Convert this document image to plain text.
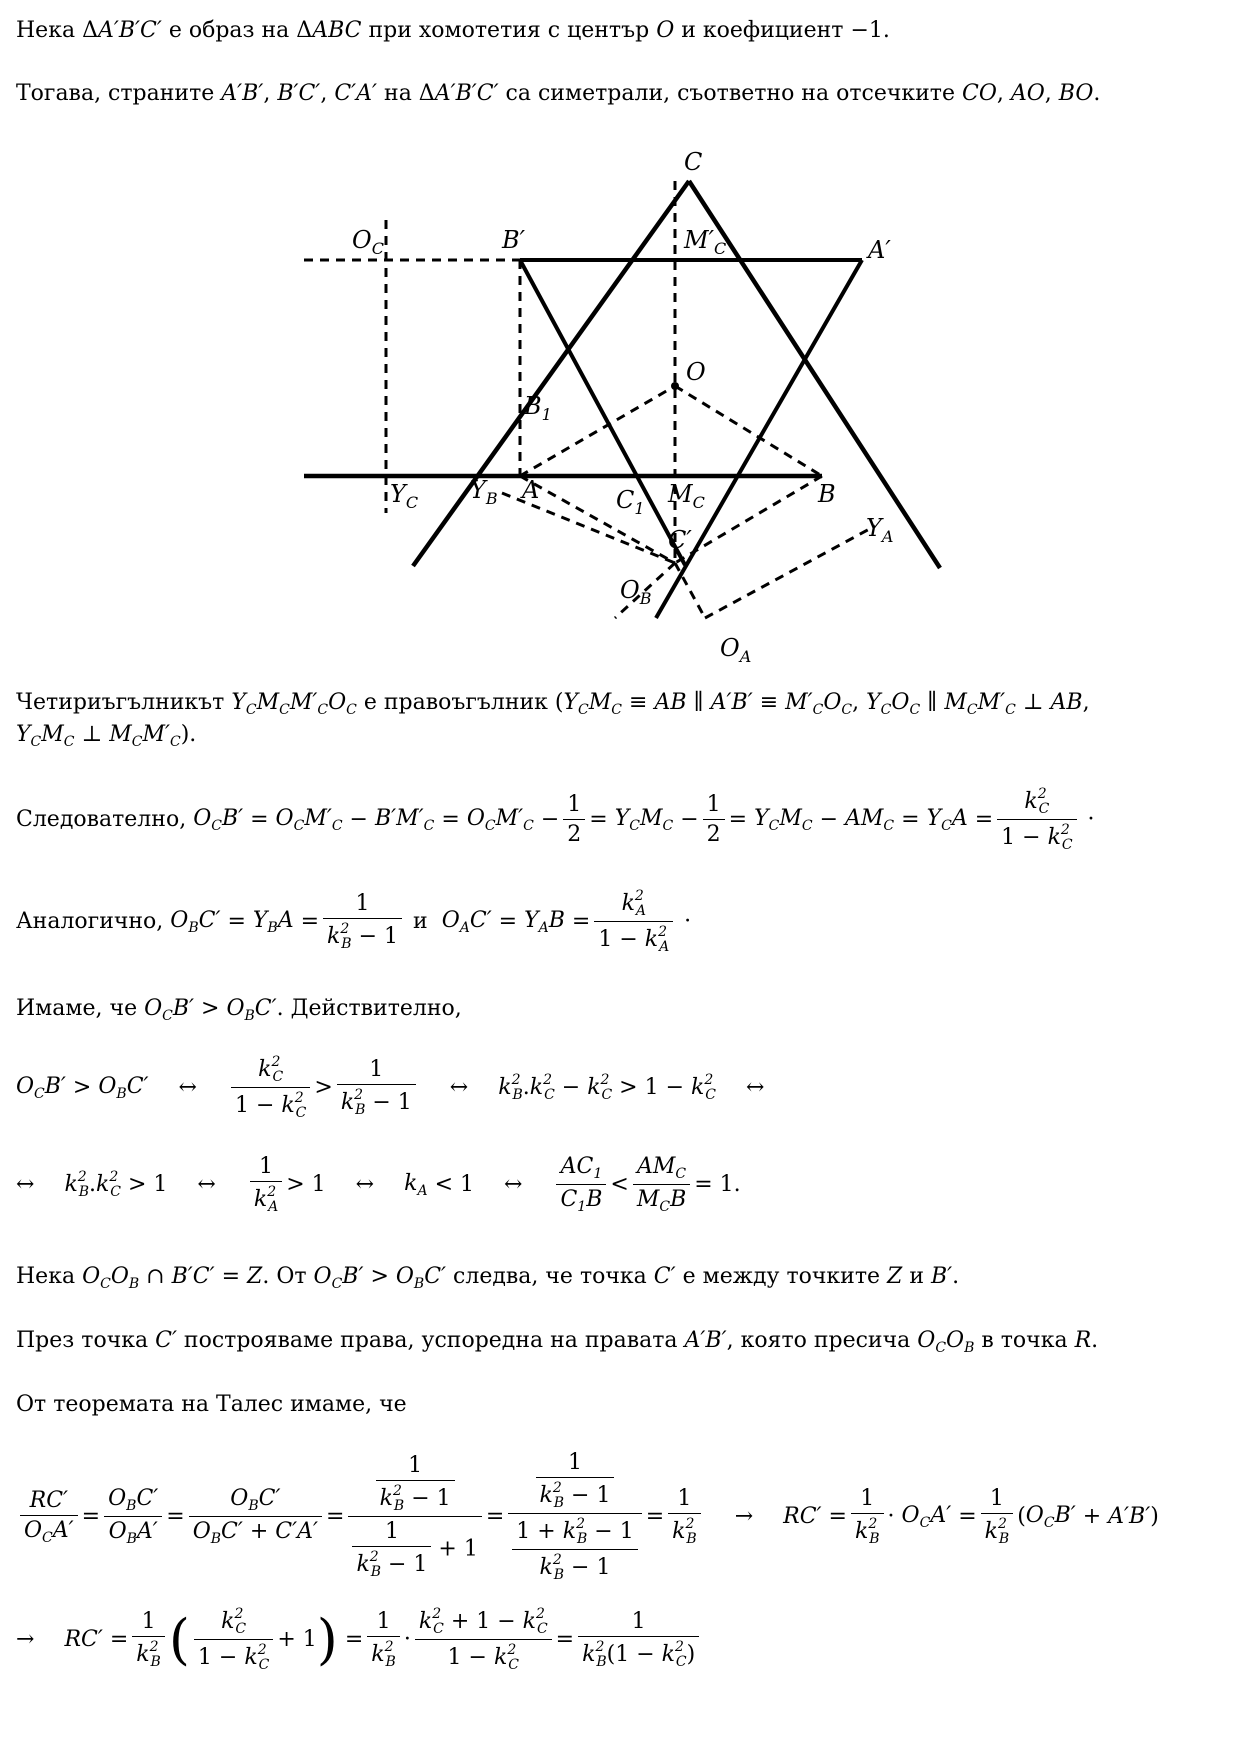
Нека ΔA′B′C′ е образ на ΔABC при хомотетия с център O и коефициент −1.
Тогава, страните A′B′, B′C′, C′A′ на ΔA′B′C′ са симетрали, съответно на отсечките CO, AO, BO.
C
$O_C$	B′	$M'_C$	A′
O
$B_1$
$Y_C$ $Y_B$ A	$C_1$
$M_C$	B
$Y_A$
C′
$O_B$
$O_A$
Четириъгълникът $Y_CM_CM'_CO_C$ е правоъгълник ($Y_CM_C$ ≡ AB ∥ $A'B' \equiv M'_CO_C$, $Y_CO_C$ ∥ $M_CM'_C$ ⊥ AB,
$Y_CM_C$ ⊥ $M_CM'_C$).
Следователно, $O_CB' = O_CM'_C - B'M'_C = O_CM'_C - \frac{1}{2} = Y_CM_C - \frac{1}{2} = Y_CM_C - AM_C = Y_CA = \frac{k^2_C}{1 - k^2_C}$ ·
Аналогично, $O_BC' = Y_BA = \frac{1}{k^2_B - 1}$
и
$O_AC' = Y_AB = \frac{k^2_A}{1 - k^2_A}$ ·
Имаме, че $O_CB' > O_BC'$. Действително,
$O_CB' > O_BC'$ ↔ $\frac{k^2_C}{1 - k^2_C} > \frac{1}{k^2_B - 1}$ ↔ $k^2_B$ . $k^2_C - k^2_C > 1 - k^2_C$ ↔
↔ $k^2_B$ . $k^2_C > 1$ ↔ $\frac{1}{k^2_A} > 1$ ↔ $k_A < 1$ ↔ $\frac{AC_1}{C_1B} < \frac{AM_C}{M_CB} = 1$.
Нека $O_CO_B$ ∩ B′C′ = Z. От $O_CB' > O_BC'$ следва, че точка C′ е между точките Z и B′.
През точка C′ построяваме права, успоредна на правата A′B′, която пресича $O_CO_B$ в точка R.
От теоремата на Талес имаме, че
$\frac{RC'}{O_CA'} = \frac{O_BC'}{O_BA'} = \frac{O_BC'}{O_BC' + C'A'} = \frac{\frac{1}{k^2_B - 1}}{\frac{1}{k^2_B - 1} + 1} = \frac{\frac{1}{k^2_B - 1}}{\frac{1 + k^2_B - 1}{k^2_B - 1}} = \frac{1}{k^2_B} \to RC' = \frac{1}{k^2_B} \cdot O_CA' = \frac{1}{k^2_B}$ ( $O_CB' + A'B'$ )
→ $RC' = \frac{1}{k^2_B}$ ( $\frac{k^2_C}{1 - k^2_C} + 1$ ) = $\frac{1}{k^2_B} \cdot \frac{k^2_C + 1 - k^2_C}{1 - k^2_C} = \frac{1}{k^2_B(1 - k^2_C)}$
